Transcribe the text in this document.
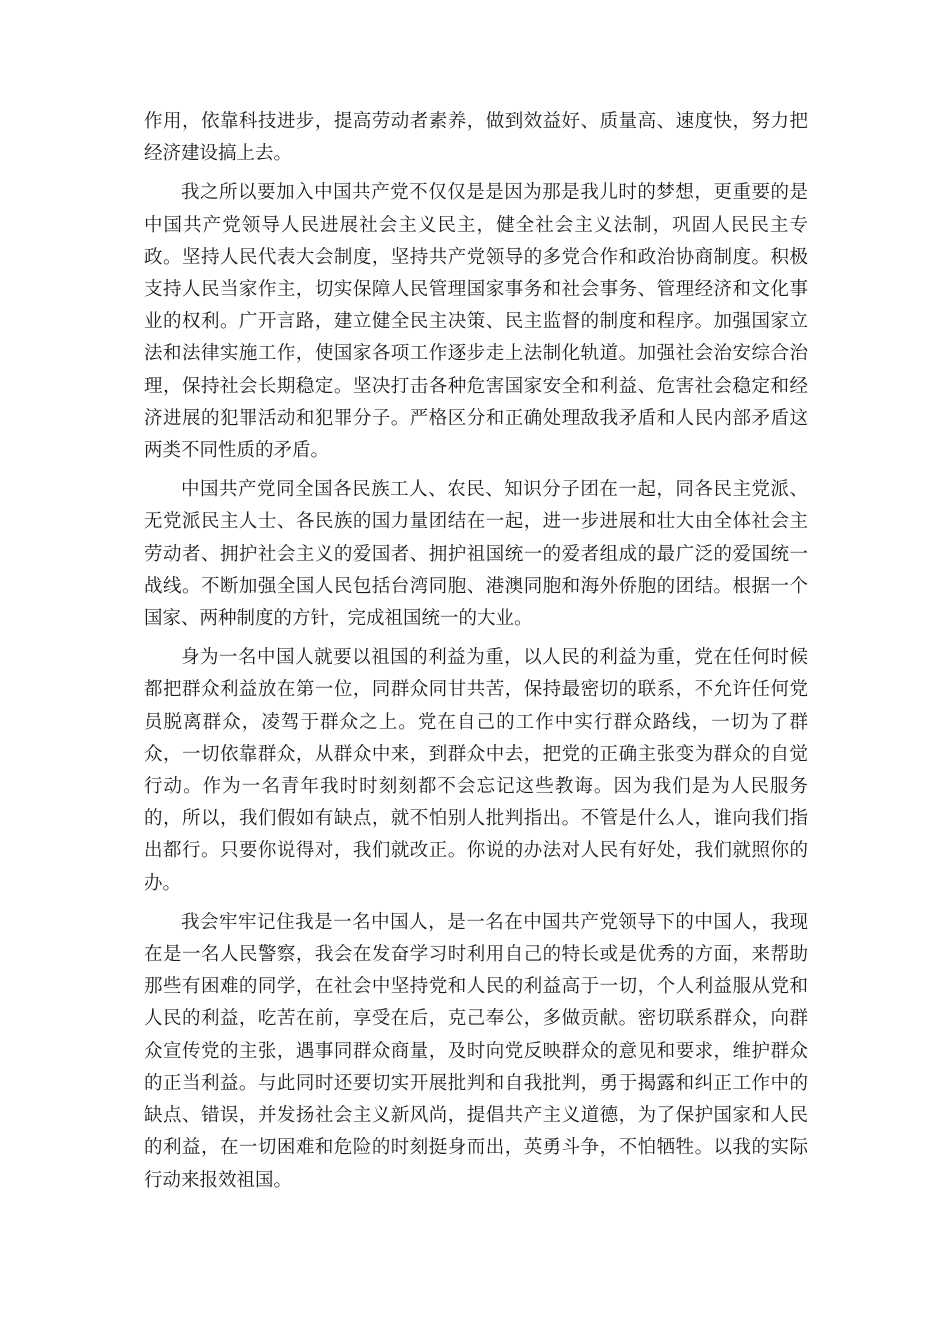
作用，依靠科技进步，提高劳动者素养，做到效益好、质量高、速度快，努力把经济建设搞上去。

我之所以要加入中国共产党不仅仅是是因为那是我儿时的梦想，更重要的是中国共产党领导人民进展社会主义民主，健全社会主义法制，巩固人民民主专政。坚持人民代表大会制度，坚持共产党领导的多党合作和政治协商制度。积极支持人民当家作主，切实保障人民管理国家事务和社会事务、管理经济和文化事业的权利。广开言路，建立健全民主决策、民主监督的制度和程序。加强国家立法和法律实施工作，使国家各项工作逐步走上法制化轨道。加强社会治安综合治理，保持社会长期稳定。坚决打击各种危害国家安全和利益、危害社会稳定和经济进展的犯罪活动和犯罪分子。严格区分和正确处理敌我矛盾和人民内部矛盾这两类不同性质的矛盾。

中国共产党同全国各民族工人、农民、知识分子团在一起，同各民主党派、无党派民主人士、各民族的国力量团结在一起，进一步进展和壮大由全体社会主劳动者、拥护社会主义的爱国者、拥护祖国统一的爱者组成的最广泛的爱国统一战线。不断加强全国人民包括台湾同胞、港澳同胞和海外侨胞的团结。根据一个国家、两种制度的方针，完成祖国统一的大业。

身为一名中国人就要以祖国的利益为重，以人民的利益为重，党在任何时候都把群众利益放在第一位，同群众同甘共苦，保持最密切的联系，不允许任何党员脱离群众，凌驾于群众之上。党在自己的工作中实行群众路线，一切为了群众，一切依靠群众，从群众中来，到群众中去，把党的正确主张变为群众的自觉行动。作为一名青年我时时刻刻都不会忘记这些教诲。因为我们是为人民服务的，所以，我们假如有缺点，就不怕别人批判指出。不管是什么人，谁向我们指出都行。只要你说得对，我们就改正。你说的办法对人民有好处，我们就照你的办。

我会牢牢记住我是一名中国人，是一名在中国共产党领导下的中国人，我现在是一名人民警察，我会在发奋学习时利用自己的特长或是优秀的方面，来帮助那些有困难的同学，在社会中坚持党和人民的利益高于一切，个人利益服从党和人民的利益，吃苦在前，享受在后，克己奉公，多做贡献。密切联系群众，向群众宣传党的主张，遇事同群众商量，及时向党反映群众的意见和要求，维护群众的正当利益。与此同时还要切实开展批判和自我批判，勇于揭露和纠正工作中的缺点、错误，并发扬社会主义新风尚，提倡共产主义道德，为了保护国家和人民的利益，在一切困难和危险的时刻挺身而出，英勇斗争，不怕牺牲。以我的实际行动来报效祖国。
